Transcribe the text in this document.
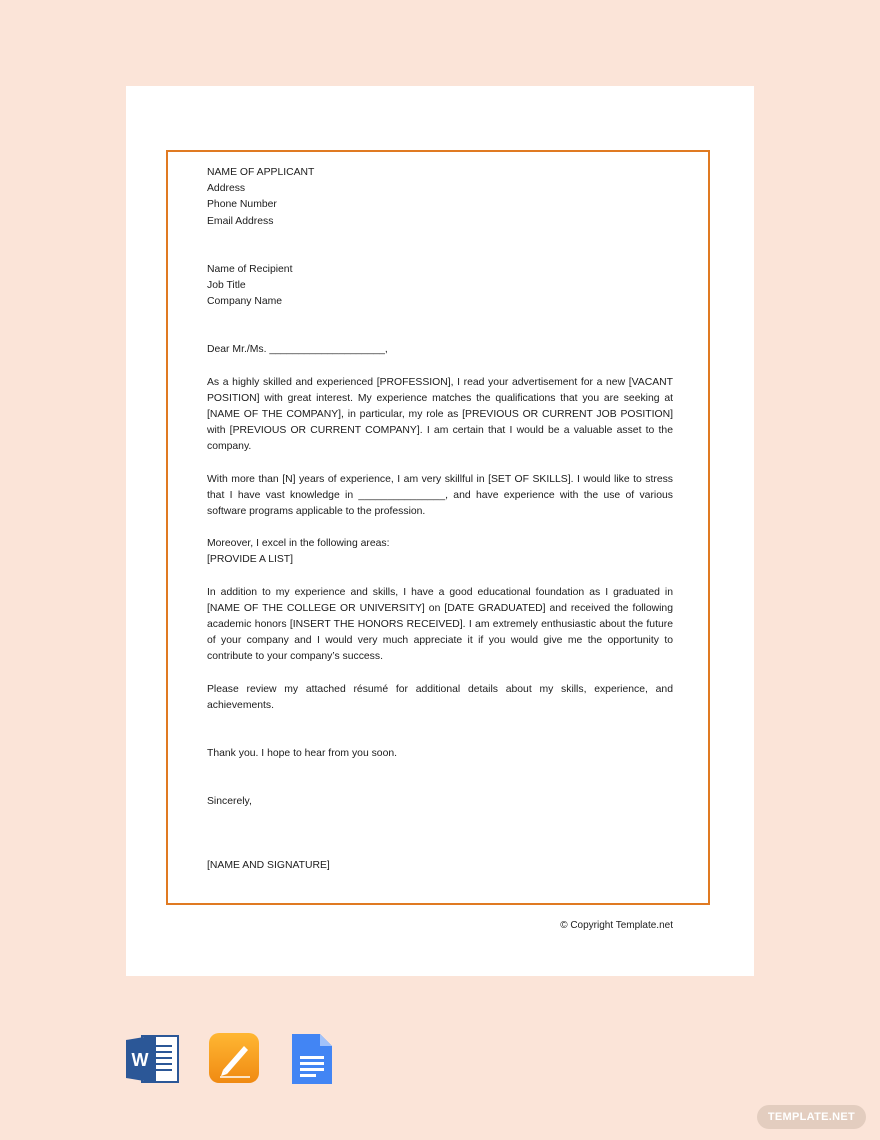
NAME OF APPLICANT
Address
Phone Number
Email Address
Name of Recipient
Job Title
Company Name
Dear Mr./Ms. ____________________,

As a highly skilled and experienced [PROFESSION], I read your advertisement for a new [VACANT POSITION] with great interest. My experience matches the qualifications that you are seeking at [NAME OF THE COMPANY], in particular, my role as [PREVIOUS OR CURRENT JOB POSITION] with [PREVIOUS OR CURRENT COMPANY]. I am certain that I would be a valuable asset to the company.

With more than [N] years of experience, I am very skillful in [SET OF SKILLS]. I would like to stress that I have vast knowledge in _______________, and have experience with the use of various software programs applicable to the profession.

Moreover, I excel in the following areas:
[PROVIDE A LIST]

In addition to my experience and skills, I have a good educational foundation as I graduated in [NAME OF THE COLLEGE OR UNIVERSITY] on [DATE GRADUATED] and received the following academic honors [INSERT THE HONORS RECEIVED]. I am extremely enthusiastic about the future of your company and I would very much appreciate it if you would give me the opportunity to contribute to your company’s success.

Please review my attached résumé for additional details about my skills, experience, and achievements.

Thank you. I hope to hear from you soon.
Sincerely,
[NAME AND SIGNATURE]
© Copyright Template.net
W
TEMPLATE.NET
